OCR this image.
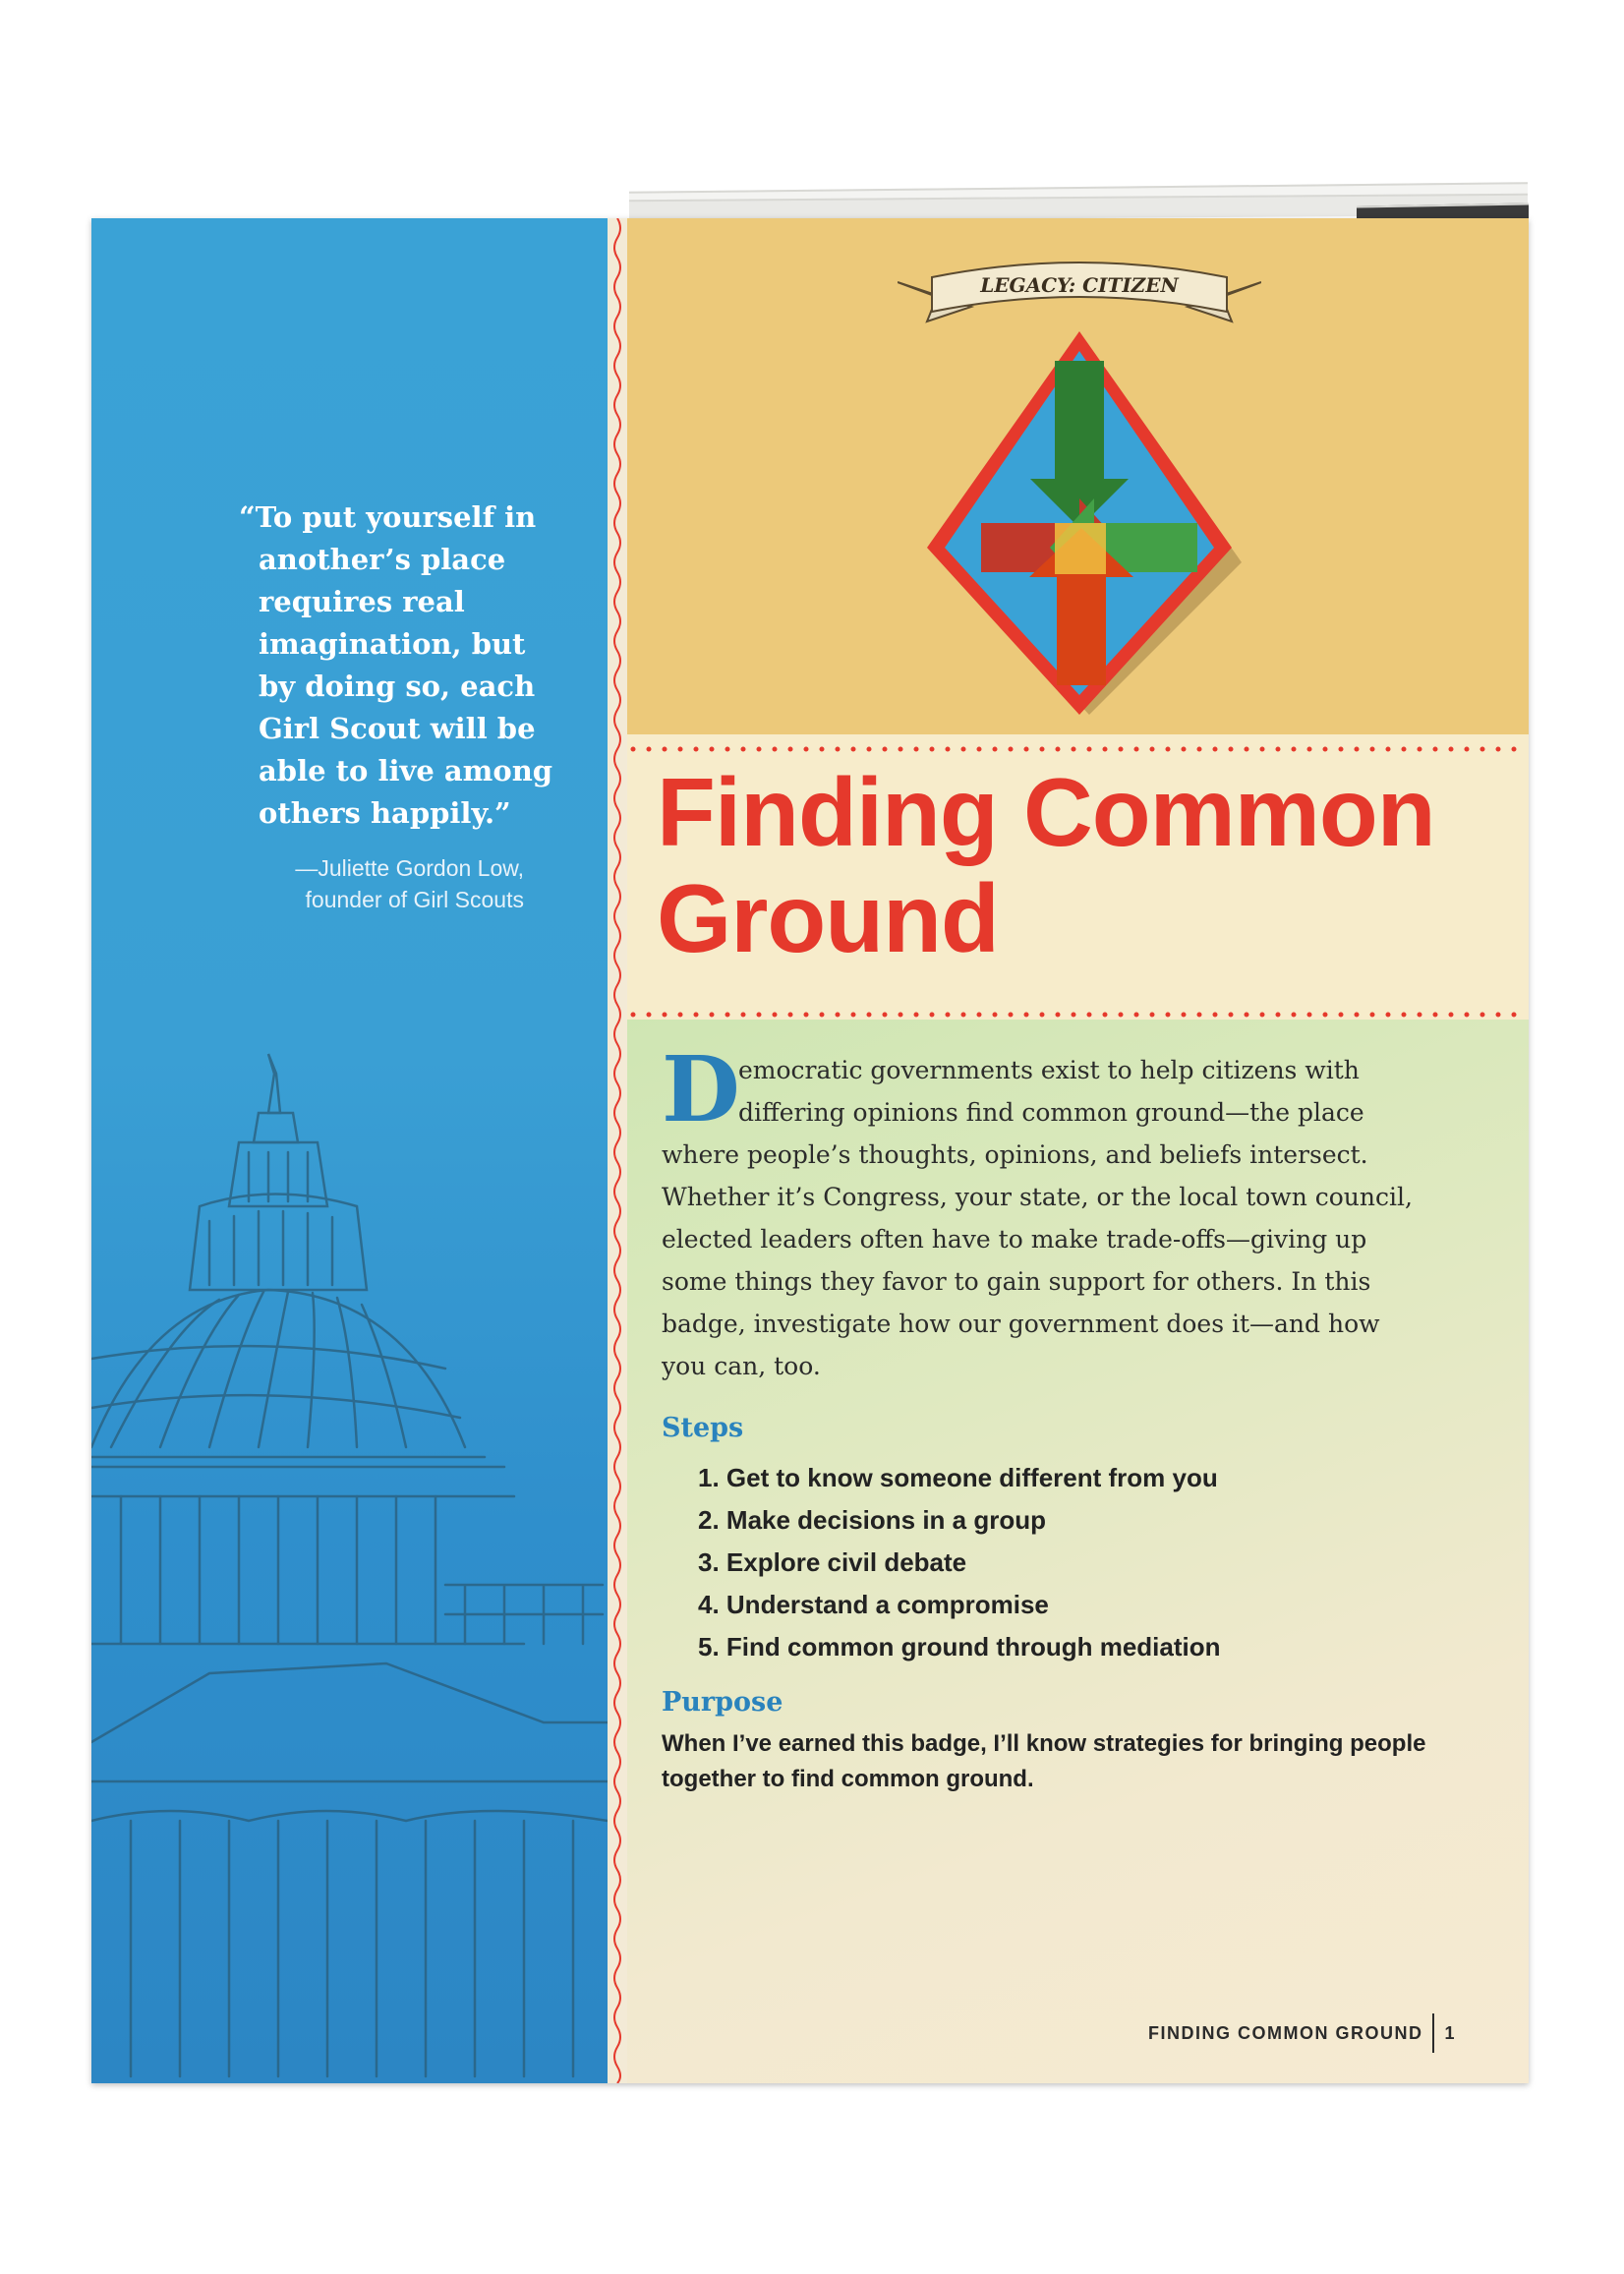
“To put yourself in
another’s place
requires real
imagination, but
by doing so, each
Girl Scout will be
able to live among
others happily.”
—Juliette Gordon Low,
founder of Girl Scouts
LEGACY: CITIZEN
Finding Common
Ground
D
emocratic governments exist to help citizens with
differing opinions find common ground—the place
where people’s thoughts, opinions, and beliefs intersect.
Whether it’s Congress, your state, or the local town council,
elected leaders often have to make trade-offs—giving up
some things they favor to gain support for others. In this
badge, investigate how our government does it—and how
you can, too.
Steps
1. Get to know someone different from you
2. Make decisions in a group
3. Explore civil debate
4. Understand a compromise
5. Find common ground through mediation
Purpose
When I’ve earned this badge, I’ll know strategies for bringing people
together to find common ground.
FINDING COMMON GROUND 1
